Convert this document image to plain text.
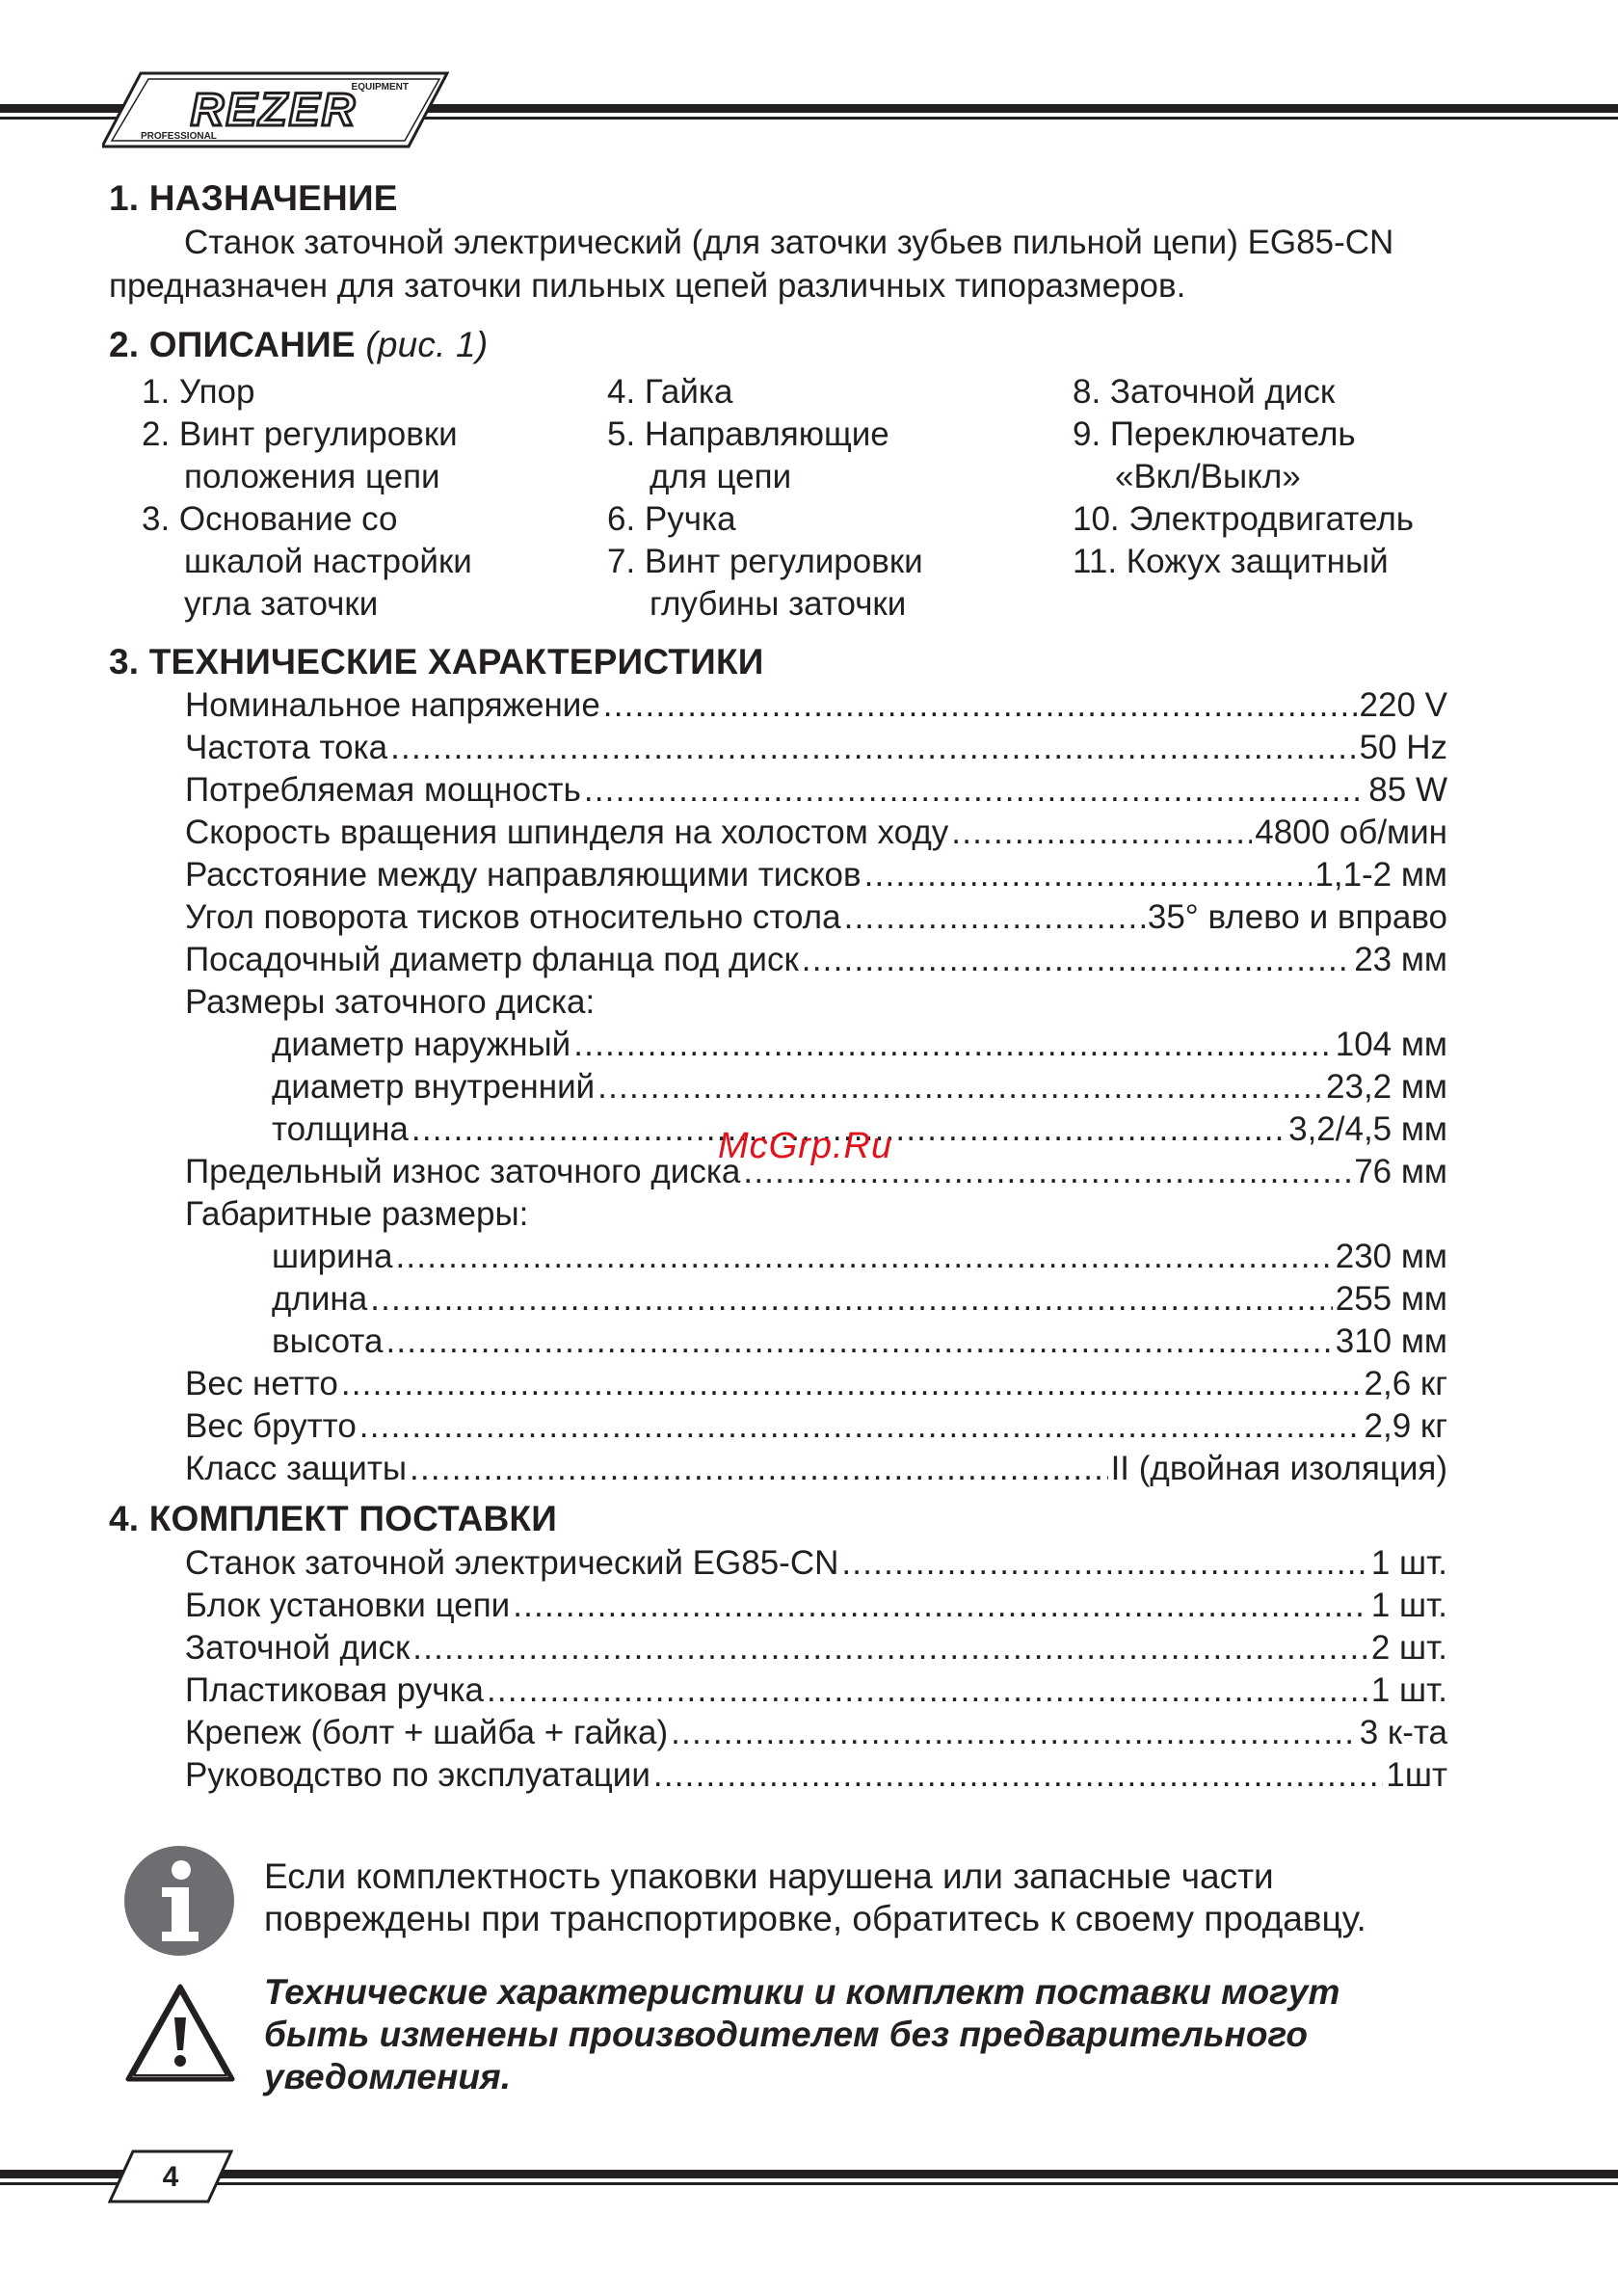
EQUIPMENT
REZER
PROFESSIONAL
1. НАЗНАЧЕНИЕ
Станок заточной электрический (для заточки зубьев пильной цепи) EG85-CN
предназначен для заточки пильных цепей различных типоразмеров.
2. ОПИСАНИЕ (рис. 1)
1. Упор
2. Винт регулировки
положения цепи
3. Основание со
шкалой настройки
угла заточки
4. Гайка
5. Направляющие
для цепи
6. Ручка
7. Винт регулировки
глубины заточки
8. Заточной диск
9. Переключатель
«Вкл/Выкл»
10. Электродвигатель
11. Кожух защитный
3. ТЕХНИЧЕСКИЕ ХАРАКТЕРИСТИКИ
Номинальное напряжение .....	220 V
Частота тока .....	50 Hz
Потребляемая мощность .....	85 W
Скорость вращения шпинделя на холостом ходу .....	4800 об/мин
Расстояние между направляющими тисков .....	1,1-2 мм
Угол поворота тисков относительно стола .....	35° влево и вправо
Посадочный диаметр фланца под диск .....	23 мм
Размеры заточного диска:
диаметр наружный .....	104 мм
диаметр внутренний .....	23,2 мм
толщина .....	3,2/4,5 мм
Предельный износ заточного диска .....	76 мм
Габаритные размеры:
ширина .....	230 мм
длина .....	255 мм
высота .....	310 мм
Вес нетто .....	2,6 кг
Вес брутто .....	2,9 кг
Класс защиты .....	II (двойная изоляция)
McGrp.Ru
4. КОМПЛЕКТ ПОСТАВКИ
Станок заточной электрический EG85-CN .....	1 шт.
Блок установки цепи .....	1 шт.
Заточной диск .....	2 шт.
Пластиковая ручка .....	1 шт.
Крепеж (болт + шайба + гайка) .....	3 к-та
Руководство по эксплуатации .....	1шт
Если комплектность упаковки нарушена или запасные части
повреждены при транспортировке, обратитесь к своему продавцу.
Технические характеристики и комплект поставки могут
быть изменены производителем без предварительного
уведомления.
4
